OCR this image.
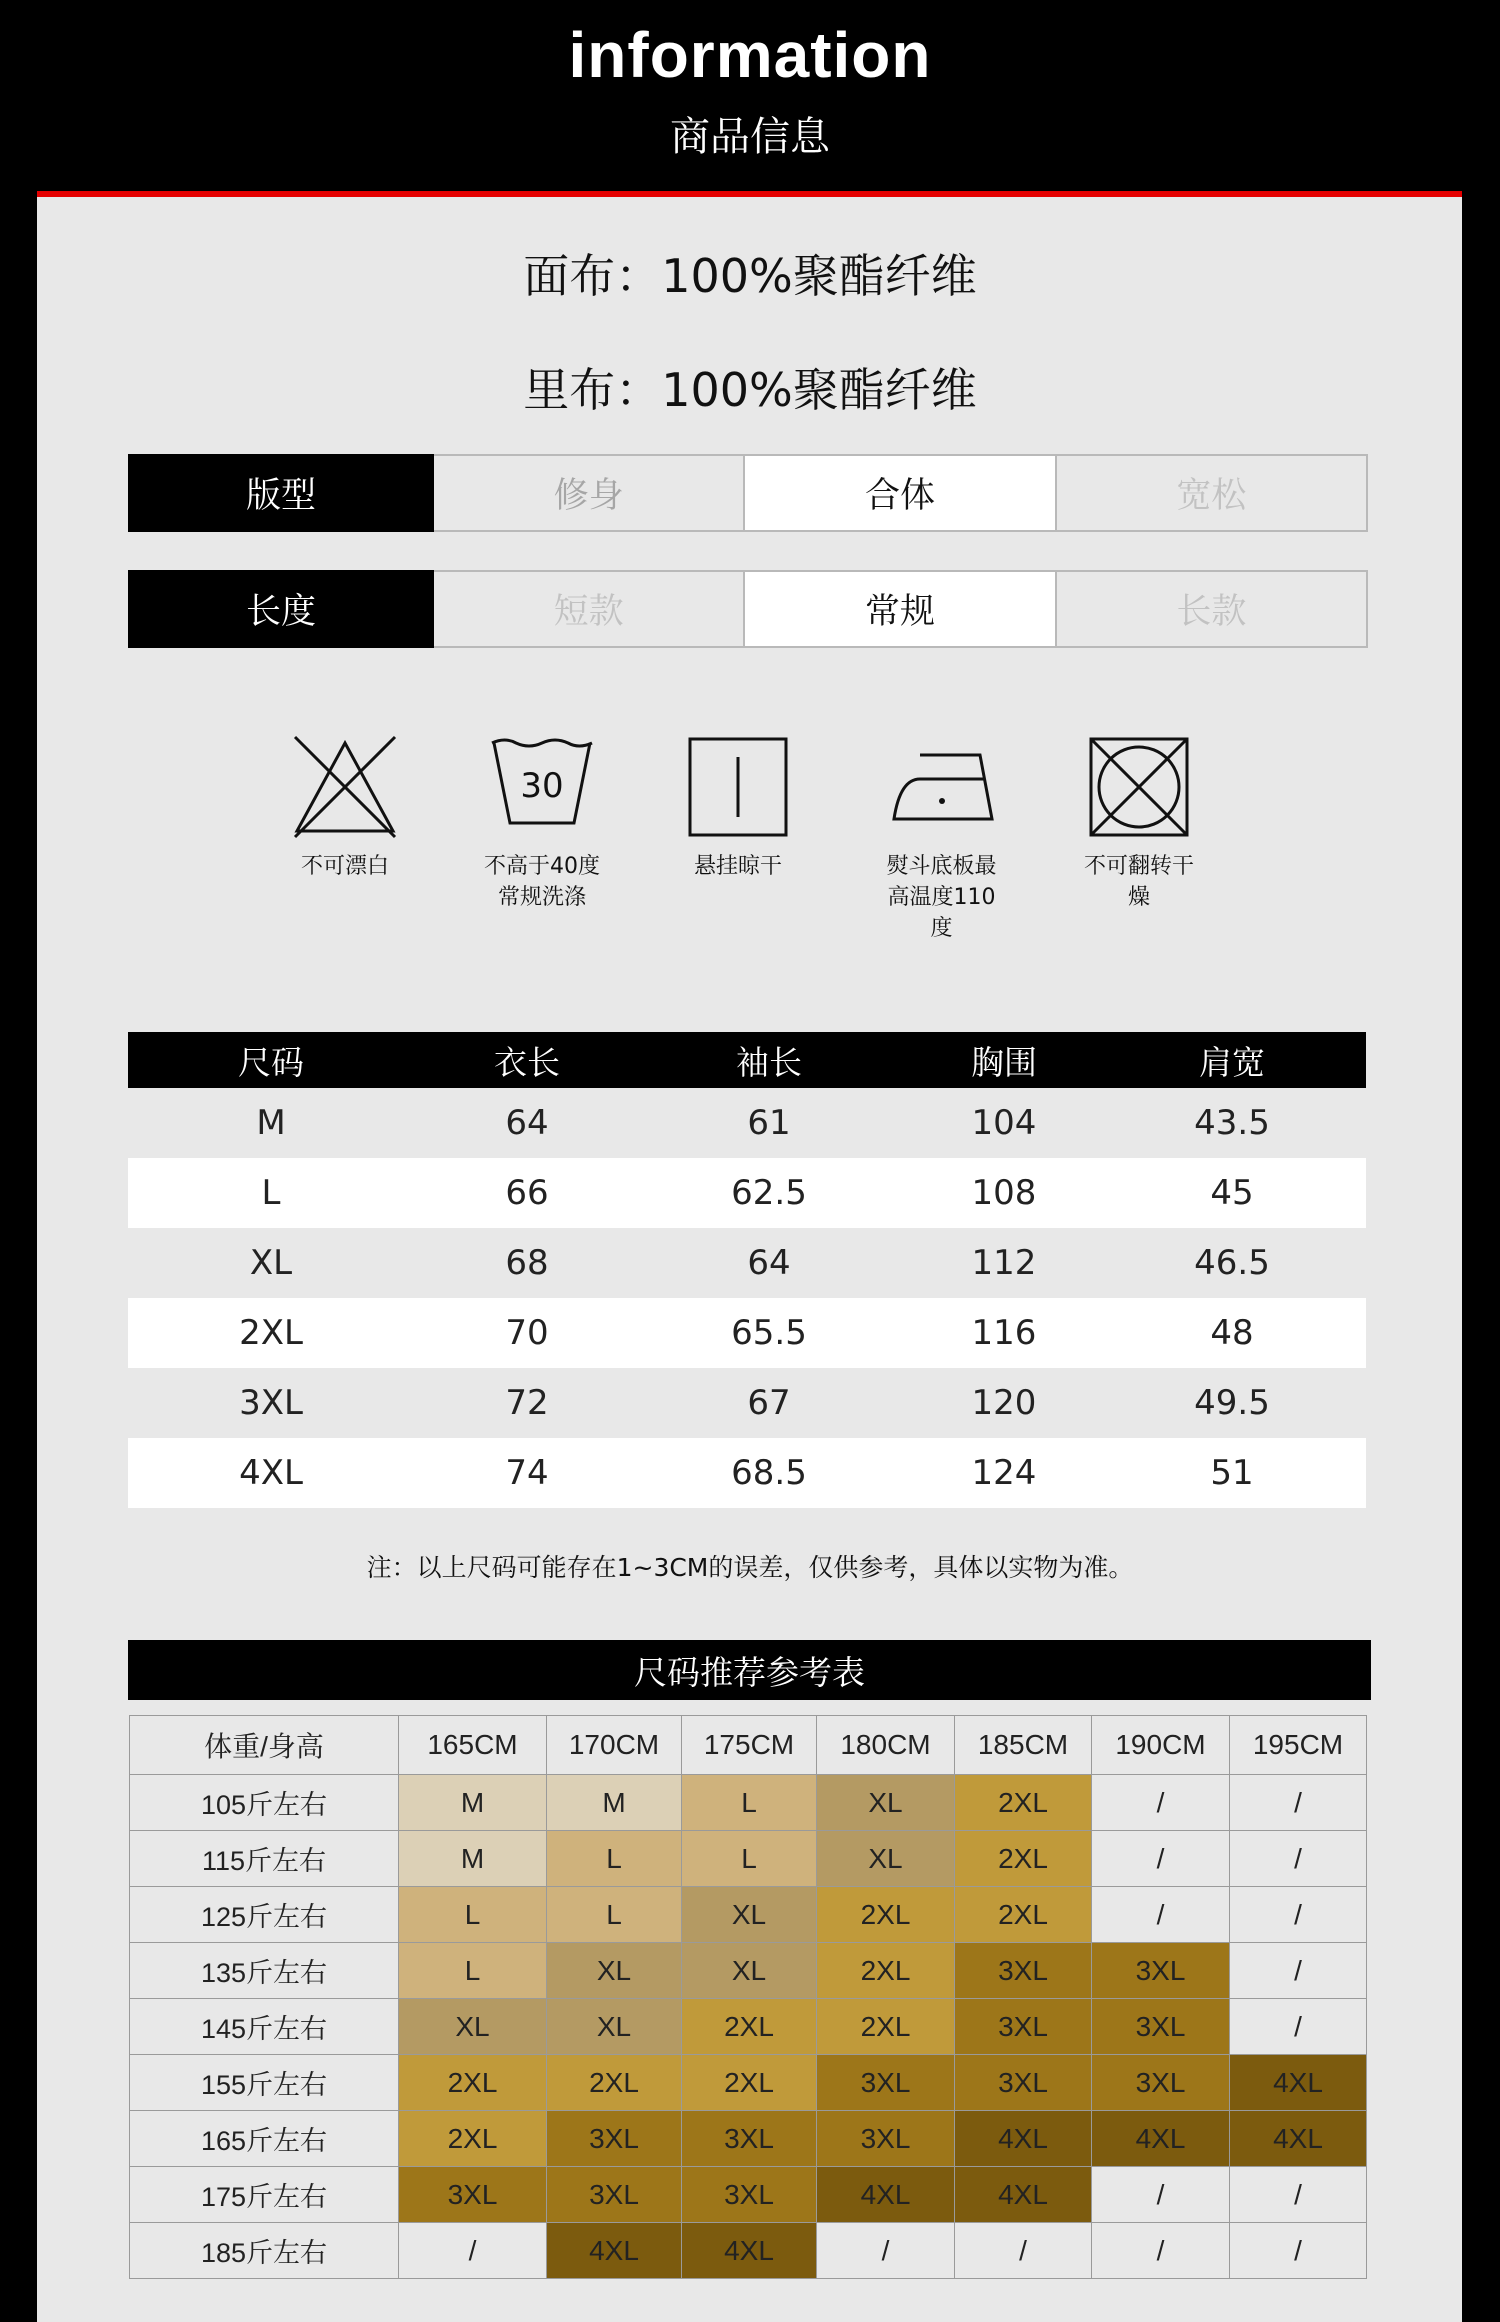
information
商品信息
面布：100%聚酯纤维
里布：100%聚酯纤维
版型	修身	合体	宽松
长度	短款	常规	长款
不可漂白
30
不高于40度常规洗涤
悬挂晾干	熨斗底板最高温度110度
不可翻转干燥
尺码	衣长	袖长	胸围	肩宽
M	64	61	104	43.5
L	66	62.5	108	45
XL	68	64	112	46.5
2XL	70	65.5	116	48
3XL	72	67	120	49.5
4XL	74	68.5	124	51
注：以上尺码可能存在1~3CM的误差，仅供参考，具体以实物为准。
尺码推荐参考表
体重/身高	165CM	170CM	175CM	180CM	185CM	190CM	195CM
105斤左右	M	M	L	XL	2XL	/	/
115斤左右	M	L	L	XL	2XL	/	/
125斤左右	L	L	XL	2XL	2XL	/	/
135斤左右	L	XL	XL	2XL	3XL	3XL	/
145斤左右	XL	XL	2XL	2XL	3XL	3XL	/
155斤左右	2XL	2XL	2XL	3XL	3XL	3XL	4XL
165斤左右	2XL	3XL	3XL	3XL	4XL	4XL	4XL
175斤左右	3XL	3XL	3XL	4XL	4XL	/	/
185斤左右	/	4XL	4XL	/	/	/	/
